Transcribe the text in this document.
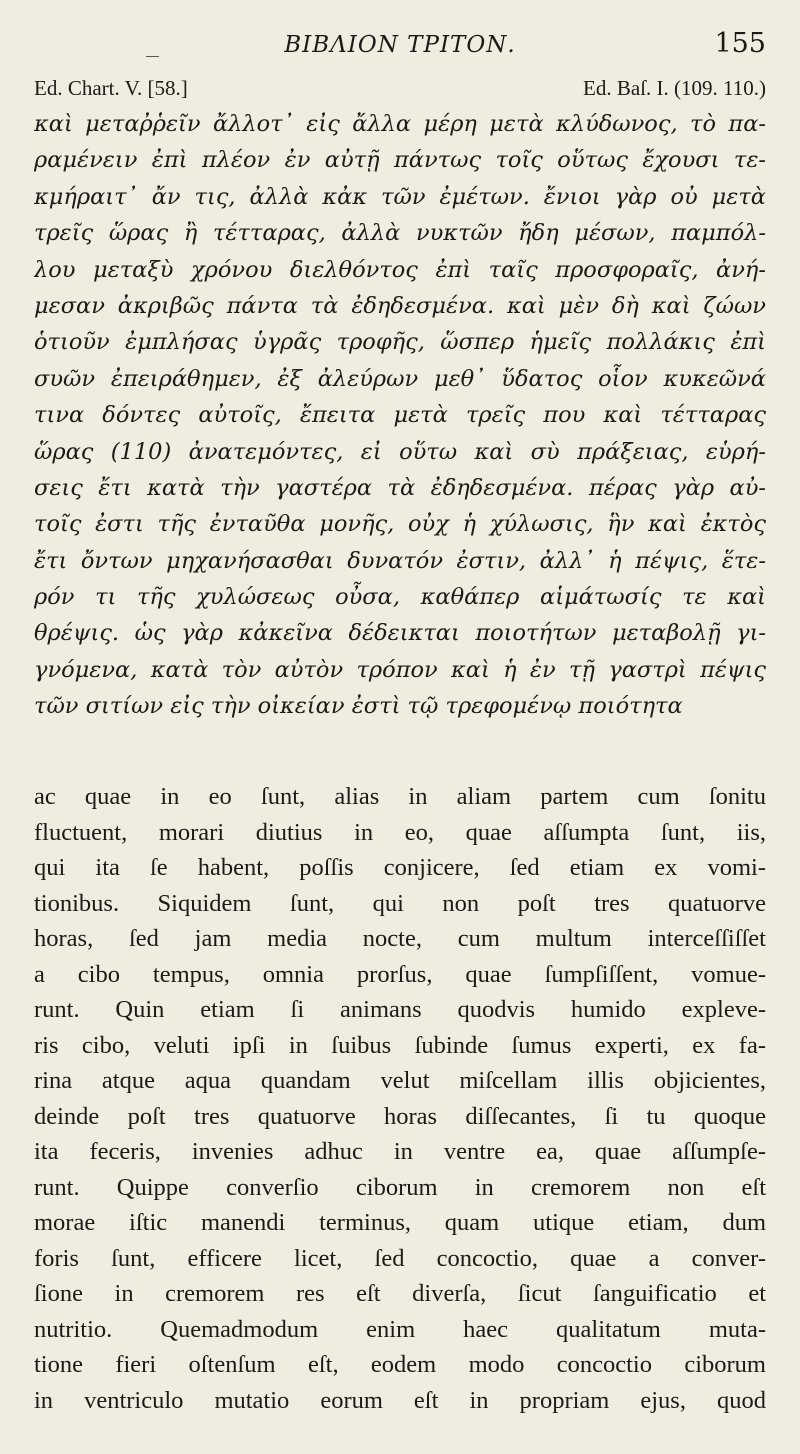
_	ΒΙΒΛΙΟΝ ΤΡΙΤΟΝ.	155
Ed. Chart. V. [58.]	Ed. Baſ. I. (109. 110.)
καὶ μεταῤῥεῖν ἄλλοτ᾽ εἰς ἄλλα μέρη μετὰ κλύδωνος, τὸ πα-
ραμένειν ἐπὶ πλέον ἐν αὐτῇ πάντως τοῖς οὕτως ἔχουσι τε-
κμήραιτ᾽ ἄν τις, ἀλλὰ κἀκ τῶν ἐμέτων. ἔνιοι γὰρ οὐ μετὰ
τρεῖς ὥρας ἢ τέτταρας, ἀλλὰ νυκτῶν ἤδη μέσων, παμπόλ-
λου μεταξὺ χρόνου διελθόντος ἐπὶ ταῖς προσφοραῖς, ἀνή-
μεσαν ἀκριβῶς πάντα τὰ ἐδηδεσμένα. καὶ μὲν δὴ καὶ ζώων
ὁτιοῦν ἐμπλήσας ὑγρᾶς τροφῆς, ὥσπερ ἡμεῖς πολλάκις ἐπὶ
συῶν ἐπειράθημεν, ἐξ ἀλεύρων μεθ᾽ ὕδατος οἷον κυκεῶνά
τινα δόντες αὐτοῖς, ἔπειτα μετὰ τρεῖς που καὶ τέτταρας
ὥρας (110) ἀνατεμόντες, εἰ οὕτω καὶ σὺ πράξειας, εὑρή-
σεις ἔτι κατὰ τὴν γαστέρα τὰ ἐδηδεσμένα. πέρας γὰρ αὐ-
τοῖς ἐστι τῆς ἐνταῦθα μονῆς, οὐχ ἡ χύλωσις, ἣν καὶ ἐκτὸς
ἔτι ὄντων μηχανήσασθαι δυνατόν ἐστιν, ἀλλ᾽ ἡ πέψις, ἕτε-
ρόν τι τῆς χυλώσεως οὖσα, καθάπερ αἱμάτωσίς τε καὶ
θρέψις. ὡς γὰρ κἀκεῖνα δέδεικται ποιοτήτων μεταβολῇ γι-
γνόμενα, κατὰ τὸν αὐτὸν τρόπον καὶ ἡ ἐν τῇ γαστρὶ πέψις
τῶν σιτίων εἰς τὴν οἰκείαν ἐστὶ τῷ τρεφομένῳ ποιότητα
ac quae in eo ſunt, alias in aliam partem cum ſonitu
fluctuent, morari diutius in eo, quae aſſumpta ſunt, iis,
qui ita ſe habent, poſſis conjicere, ſed etiam ex vomi-
tionibus. Siquidem ſunt, qui non poſt tres quatuorve
horas, ſed jam media nocte, cum multum interceſſiſſet
a cibo tempus, omnia prorſus, quae ſumpſiſſent, vomue-
runt. Quin etiam ſi animans quodvis humido expleve-
ris cibo, veluti ipſi in ſuibus ſubinde ſumus experti, ex fa-
rina atque aqua quandam velut miſcellam illis objicientes,
deinde poſt tres quatuorve horas diſſecantes, ſi tu quoque
ita feceris, invenies adhuc in ventre ea, quae aſſumpſe-
runt. Quippe converſio ciborum in cremorem non eſt
morae iſtic manendi terminus, quam utique etiam, dum
foris ſunt, efficere licet, ſed concoctio, quae a conver-
ſione in cremorem res eſt diverſa, ſicut ſanguificatio et
nutritio. Quemadmodum enim haec qualitatum muta-
tione fieri oſtenſum eſt, eodem modo concoctio ciborum
in ventriculo mutatio eorum eſt in propriam ejus, quod
